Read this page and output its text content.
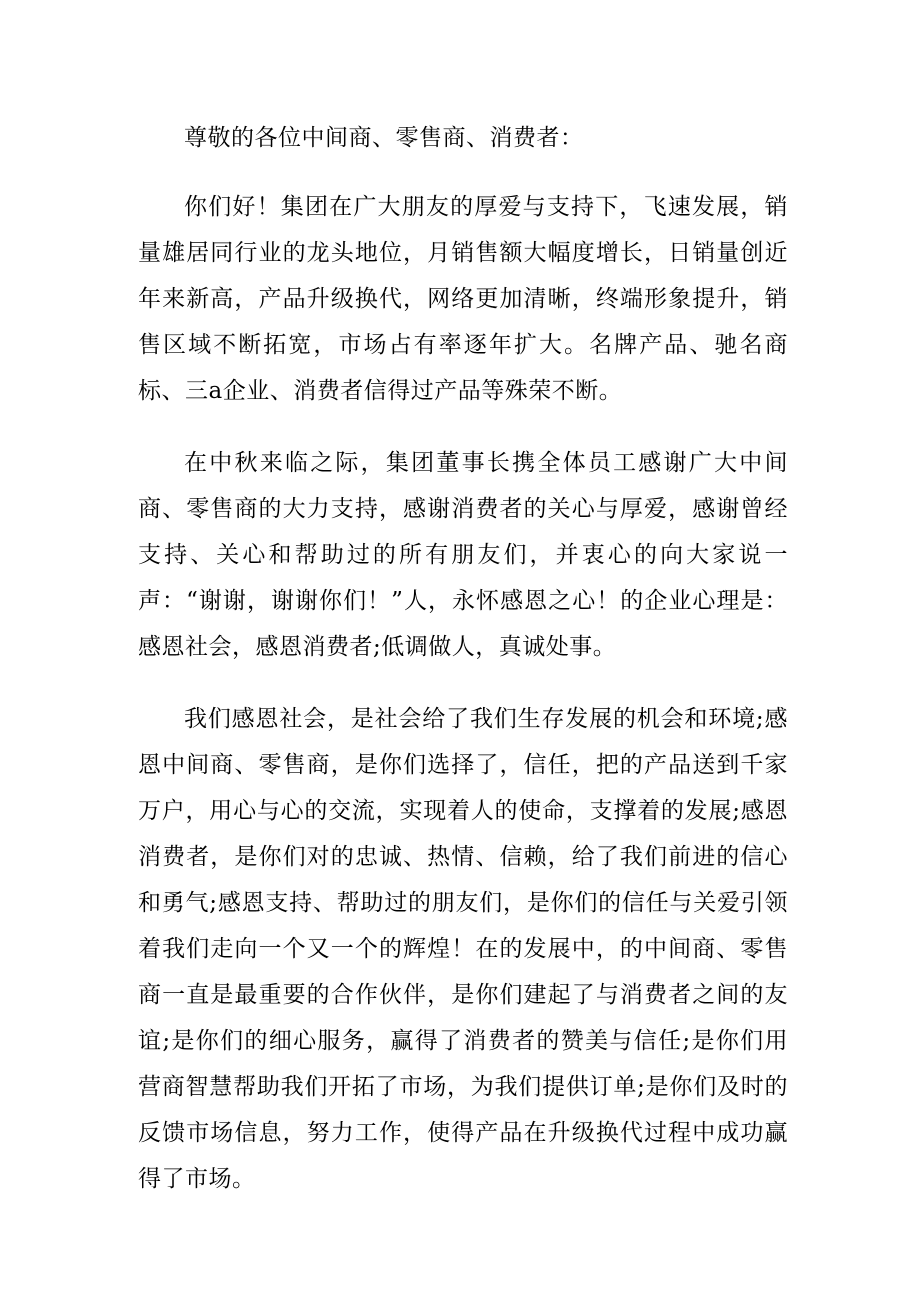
尊敬的各位中间商、零售商、消费者：

你们好！集团在广大朋友的厚爱与支持下，飞速发展，销量雄居同行业的龙头地位，月销售额大幅度增长，日销量创近年来新高，产品升级换代，网络更加清晰，终端形象提升，销售区域不断拓宽，市场占有率逐年扩大。名牌产品、驰名商标、三a企业、消费者信得过产品等殊荣不断。

在中秋来临之际，集团董事长携全体员工感谢广大中间商、零售商的大力支持，感谢消费者的关心与厚爱，感谢曾经支持、关心和帮助过的所有朋友们，并衷心的向大家说一声：“谢谢，谢谢你们！”人，永怀感恩之心！的企业心理是：感恩社会，感恩消费者;低调做人，真诚处事。

我们感恩社会，是社会给了我们生存发展的机会和环境;感恩中间商、零售商，是你们选择了，信任，把的产品送到千家万户，用心与心的交流，实现着人的使命，支撑着的发展;感恩消费者，是你们对的忠诚、热情、信赖，给了我们前进的信心和勇气;感恩支持、帮助过的朋友们，是你们的信任与关爱引领着我们走向一个又一个的辉煌！在的发展中，的中间商、零售商一直是最重要的合作伙伴，是你们建起了与消费者之间的友谊;是你们的细心服务，赢得了消费者的赞美与信任;是你们用营商智慧帮助我们开拓了市场，为我们提供订单;是你们及时的反馈市场信息，努力工作，使得产品在升级换代过程中成功赢得了市场。
